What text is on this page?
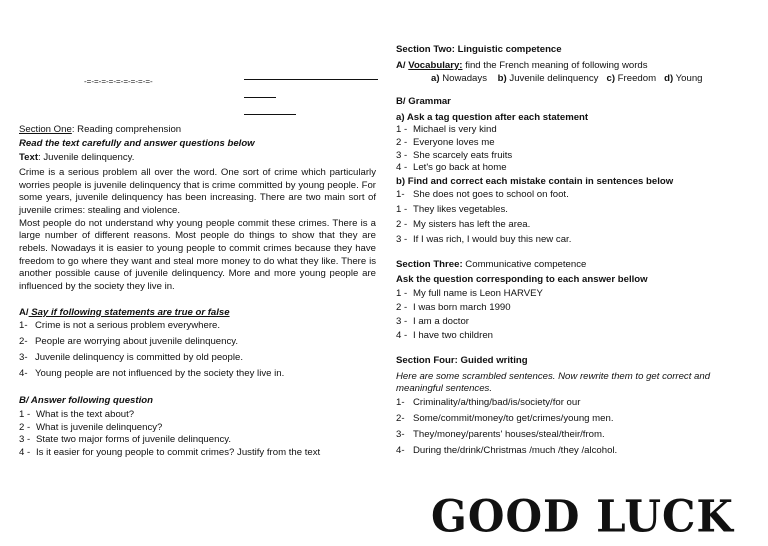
-=-=-=-=-=-=-=-=-=-
Section One: Reading comprehension
Read the text carefully and answer questions below
Text: Juvenile delinquency.
Crime is a serious problem all over the word. One sort of crime which particularly worries people is juvenile delinquency that is crime committed by young people. For some years, juvenile delinquency has been increasing. There are two main sort of juvenile crimes: stealing and violence.
Most people do not understand why young people commit these crimes. There is a large number of different reasons. Most people do things to show that they are rebels. Nowadays it is easier to young people to commit crimes because they have freedom to go where they want and steal more money to do what they like. There is another possible cause of juvenile delinquency. More and more young people are influenced by the society they live in.
A/ Say if following statements are true or false
1- Crime is not a serious problem everywhere.
2- People are worrying about juvenile delinquency.
3- Juvenile delinquency is committed by old people.
4- Young people are not influenced by the society they live in.
B/ Answer following question
1 - What is the text about?
2 - What is juvenile delinquency?
3 - State two major forms of juvenile delinquency.
4 - Is it easier for young people to commit crimes? Justify from the text
Section Two: Linguistic competence
A/ Vocabulary: find the French meaning of following words
a) Nowadays b) Juvenile delinquency c) Freedom d) Young
B/ Grammar
a) Ask a tag question after each statement
1 - Michael is very kind
2 - Everyone loves me
3 - She scarcely eats fruits
4 - Let's go back at home
b) Find and correct each mistake contain in sentences below
1- She does not goes to school on foot.
1 - They likes vegetables.
2 - My sisters has left the area.
3 - If I was rich, I would buy this new car.
Section Three: Communicative competence
Ask the question corresponding to each answer bellow
1 - My full name is Leon HARVEY
2 - I was born march 1990
3 - I am a doctor
4 - I have two children
Section Four: Guided writing
Here are some scrambled sentences. Now rewrite them to get correct and meaningful sentences.
1- Criminality/a/thing/bad/is/society/for our
2- Some/commit/money/to get/crimes/young men.
3- They/money/parents' houses/steal/their/from.
4- During the/drink/Christmas /much /they /alcohol.
GOOD LUCK
